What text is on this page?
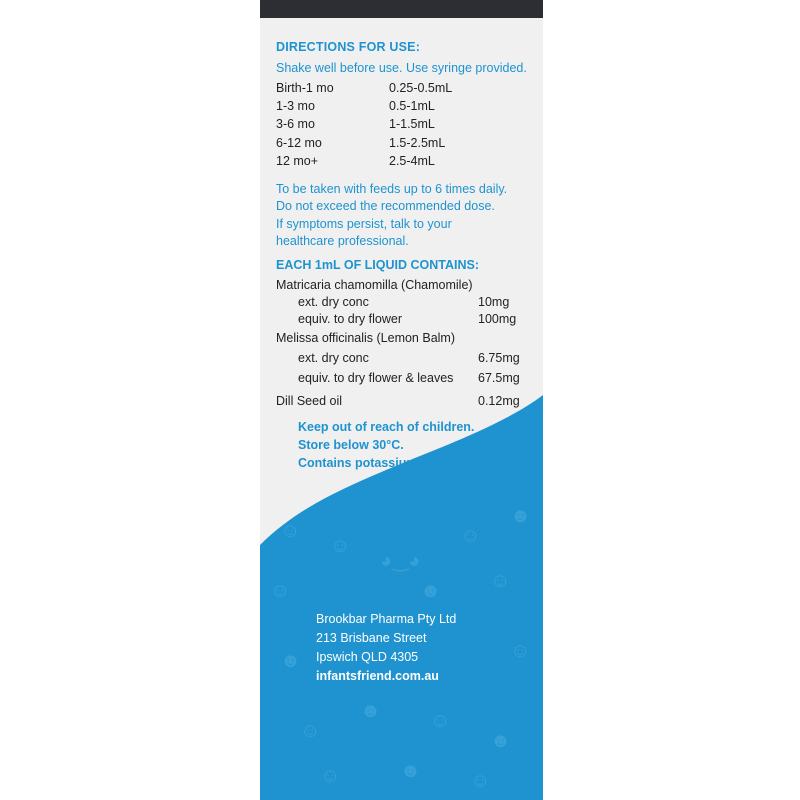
☺
☺
◕‿◕
☺
☻
☺	☻ ☺
☻	☺
☺
☻ ☺
☻
☺	☻ ☺
DIRECTIONS FOR USE:
Shake well before use. Use syringe provided.
Birth-1 mo	0.25-0.5mL
1-3 mo	0.5-1mL
3-6 mo	1-1.5mL
6-12 mo	1.5-2.5mL
12 mo+	2.5-4mL
To be taken with feeds up to 6 times daily.
Do not exceed the recommended dose.
If symptoms persist, talk to your
healthcare professional.
EACH 1mL OF LIQUID CONTAINS:
Matricaria chamomilla (Chamomile)
ext. dry conc	10mg
equiv. to dry flower	100mg
Melissa officinalis (Lemon Balm)
ext. dry conc	6.75mg
equiv. to dry flower & leaves 67.5mg
Dill Seed oil	0.12mg
Keep out of reach of children.
Store below 30°C.
Contains potassium sorbate.
Brookbar Pharma Pty Ltd
213 Brisbane Street
Ipswich QLD 4305
infantsfriend.com.au
